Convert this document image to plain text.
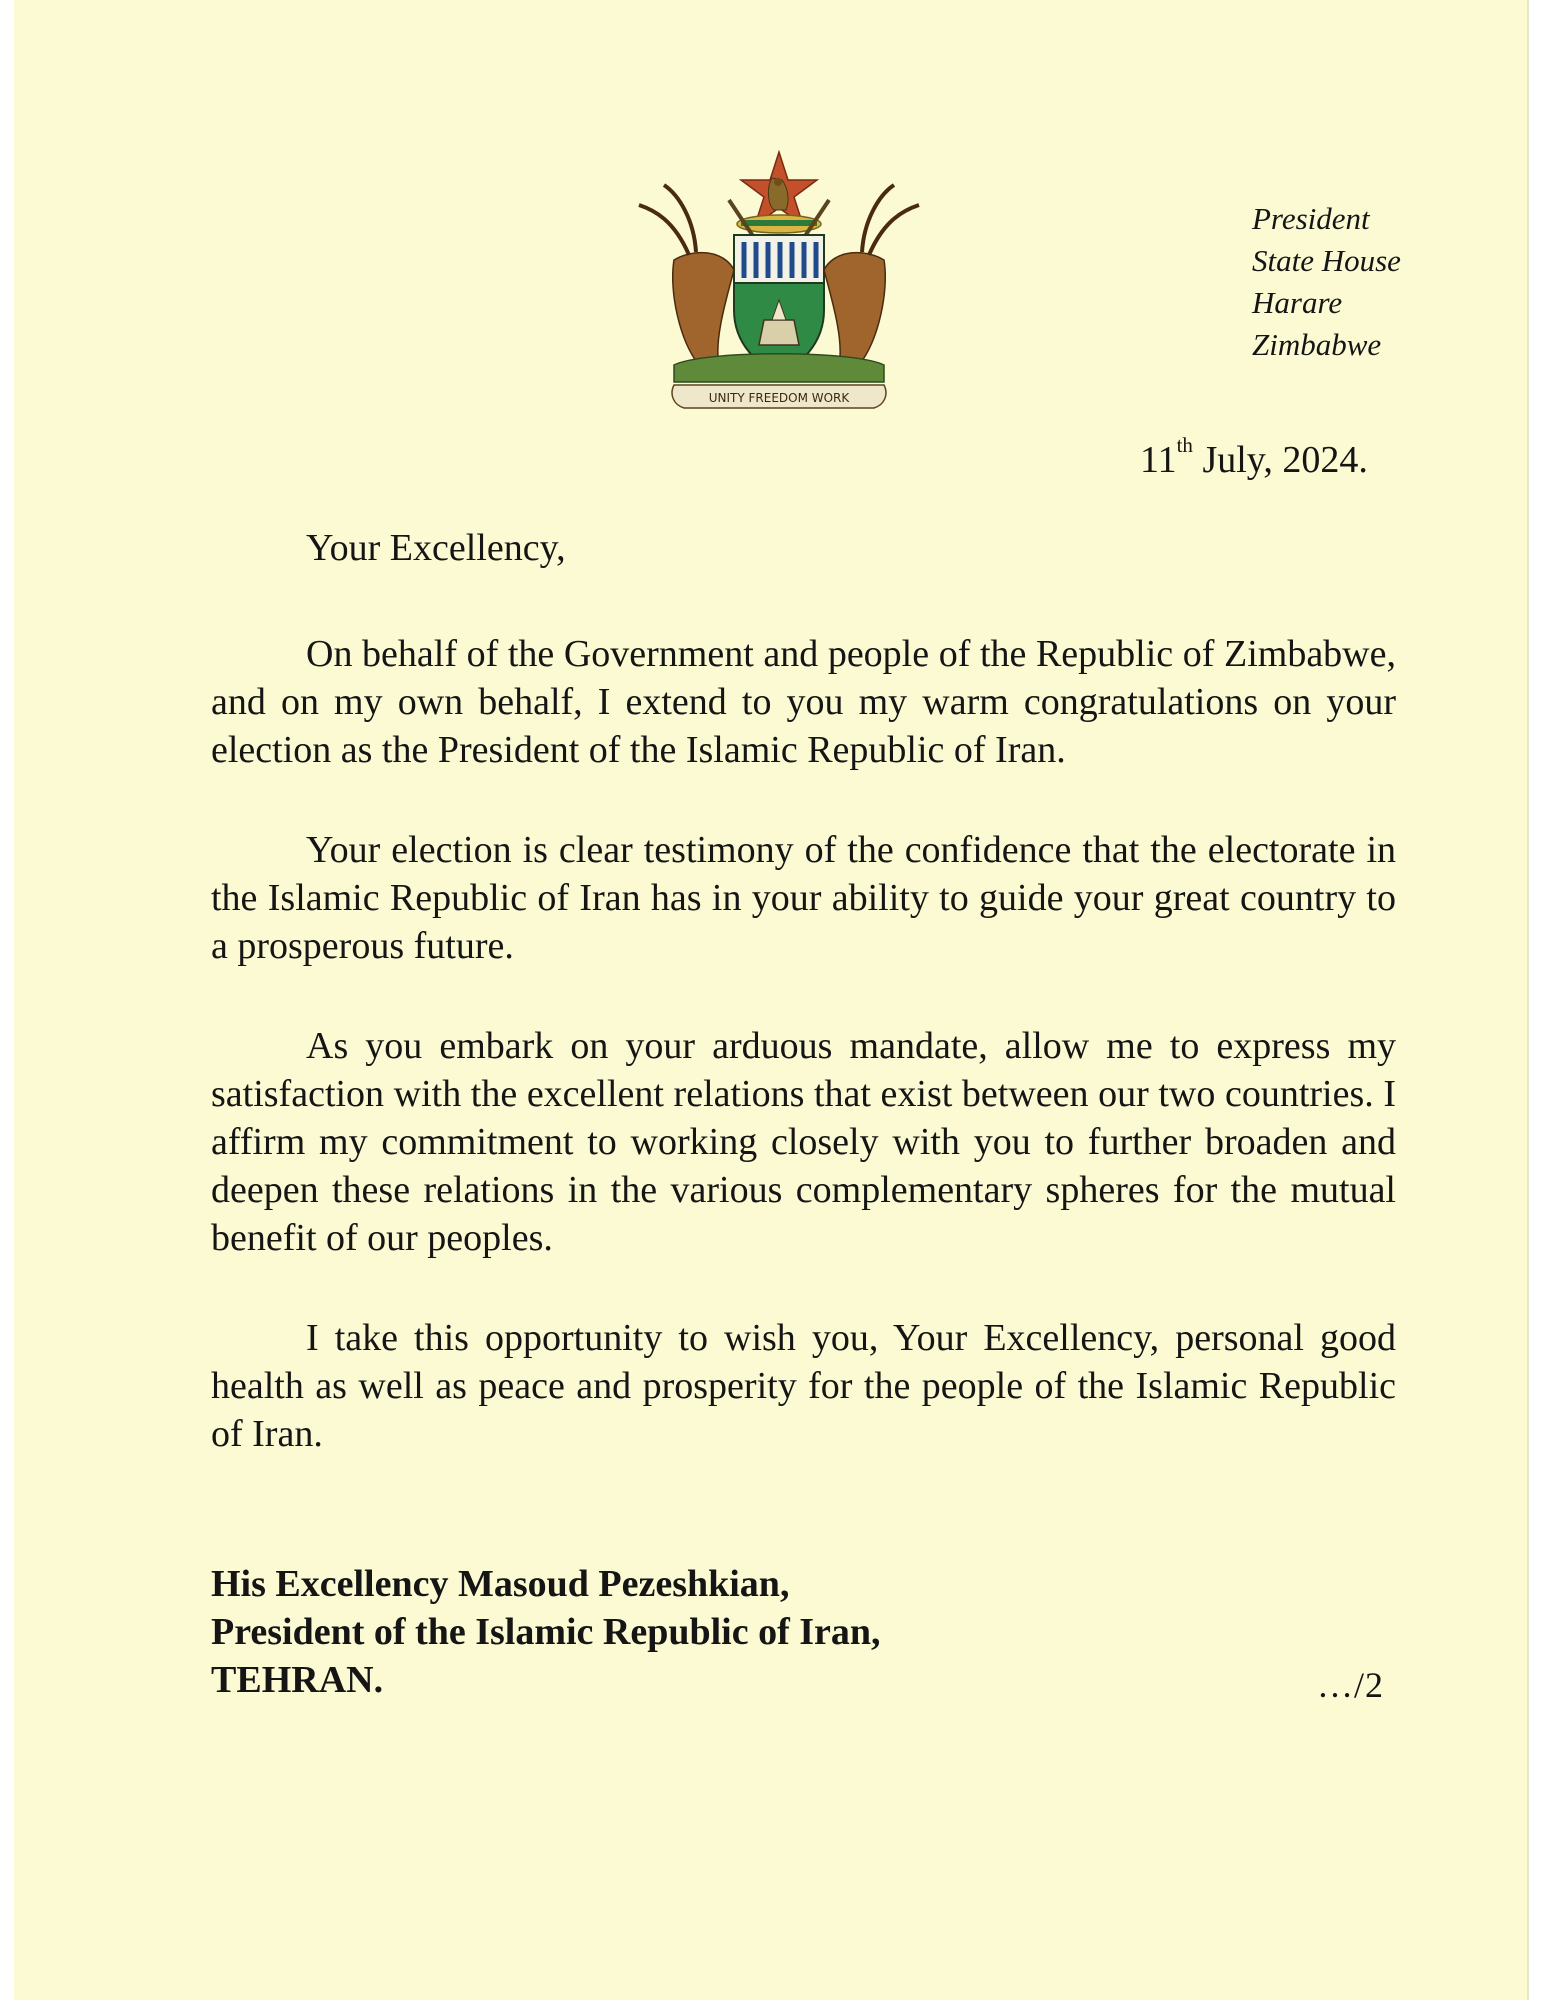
UNITY FREEDOM WORK
President
State House
Harare
Zimbabwe
11th July, 2024.
Your Excellency,

On behalf of the Government and people of the Republic of Zimbabwe, and on my own behalf, I extend to you my warm congratulations on your election as the President of the Islamic Republic of Iran.

Your election is clear testimony of the confidence that the electorate in the Islamic Republic of Iran has in your ability to guide your great country to a prosperous future.

As you embark on your arduous mandate, allow me to express my satisfaction with the excellent relations that exist between our two countries. I affirm my commitment to working closely with you to further broaden and deepen these relations in the various complementary spheres for the mutual benefit of our peoples.

I take this opportunity to wish you, Your Excellency, personal good health as well as peace and prosperity for the people of the Islamic Republic of Iran.

His Excellency Masoud Pezeshkian,
President of the Islamic Republic of Iran,
TEHRAN.	…/2
